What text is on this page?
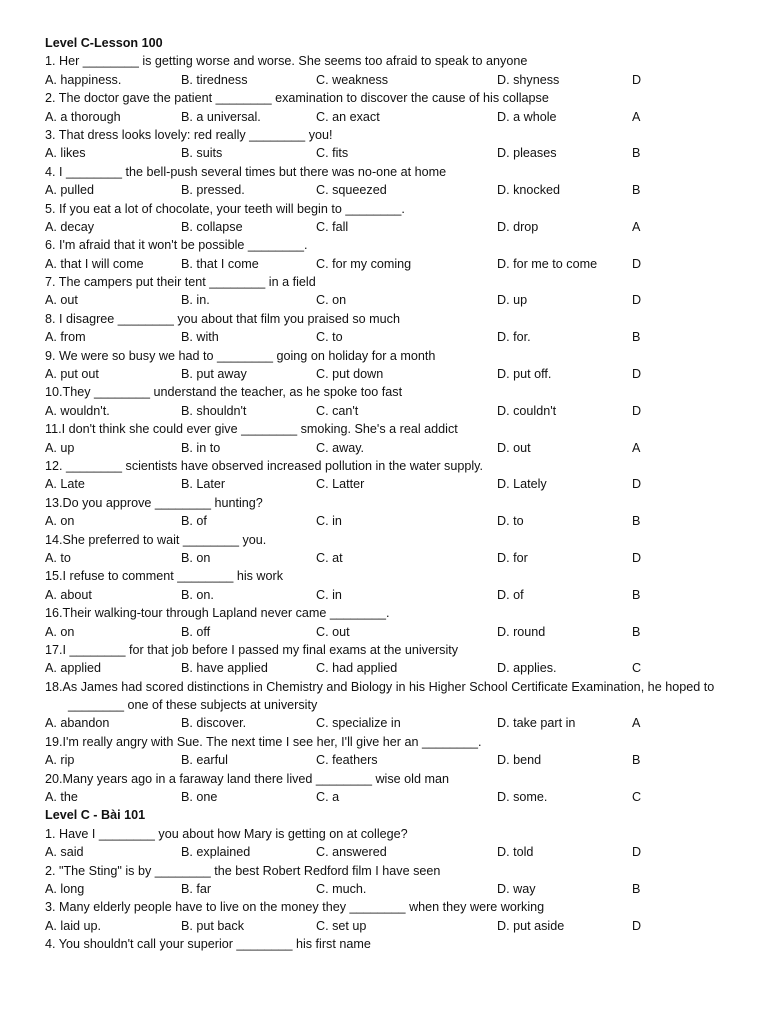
Level C-Lesson 100
1. Her ________ is getting worse and worse. She seems too afraid to speak to anyone
A. happiness.	B. tiredness	C. weakness	D. shyness	D
2. The doctor gave the patient ________ examination to discover the cause of his collapse
A. a thorough	B. a universal.	C. an exact	D. a whole	A
3. That dress looks lovely: red really ________ you!
A. likes	B. suits	C. fits	D. pleases	B
4. I ________ the bell-push several times but there was no-one at home
A. pulled	B. pressed.	C. squeezed	D. knocked	B
5. If you eat a lot of chocolate, your teeth will begin to ________.
A. decay	B. collapse	C. fall	D. drop	A
6. I'm afraid that it won't be possible ________.
A. that I will come	B. that I come	C. for my coming	D. for me to come	D
7. The campers put their tent ________ in a field
A. out	B. in.	C. on	D. up	D
8. I disagree ________ you about that film you praised so much
A. from	B. with	C. to	D. for.	B
9. We were so busy we had to ________ going on holiday for a month
A. put out	B. put away	C. put down	D. put off.	D
10.They ________ understand the teacher, as he spoke too fast
A. wouldn't.	B. shouldn't	C. can't	D. couldn't	D
11.I don't think she could ever give ________ smoking. She's a real addict
A. up	B. in to	C. away.	D. out	A
12. ________ scientists have observed increased pollution in the water supply.
A. Late	B. Later	C. Latter	D. Lately	D
13.Do you approve ________ hunting?
A. on	B. of	C. in	D. to	B
14.She preferred to wait ________ you.
A. to	B. on	C. at	D. for	D
15.I refuse to comment ________ his work
A. about	B. on.	C. in	D. of	B
16.Their walking-tour through Lapland never came ________.
A. on	B. off	C. out	D. round	B
17.I ________ for that job before I passed my final exams at the university
A. applied	B. have applied	C. had applied	D. applies.	C
18.As James had scored distinctions in Chemistry and Biology in his Higher School Certificate Examination, he hoped to ________ one of these subjects at university
A. abandon	B. discover.	C. specialize in	D. take part in	A
19.I'm really angry with Sue. The next time I see her, I'll give her an ________.
A. rip	B. earful	C. feathers	D. bend	B
20.Many years ago in a faraway land there lived ________ wise old man
A. the	B. one	C. a	D. some.	C
Level C - Bài 101
1. Have I ________ you about how Mary is getting on at college?
A. said	B. explained	C. answered	D. told	D
2. "The Sting" is by ________ the best Robert Redford film I have seen
A. long	B. far	C. much.	D. way	B
3. Many elderly people have to live on the money they ________ when they were working
A. laid up.	B. put back	C. set up	D. put aside	D
4. You shouldn't call your superior ________ his first name
